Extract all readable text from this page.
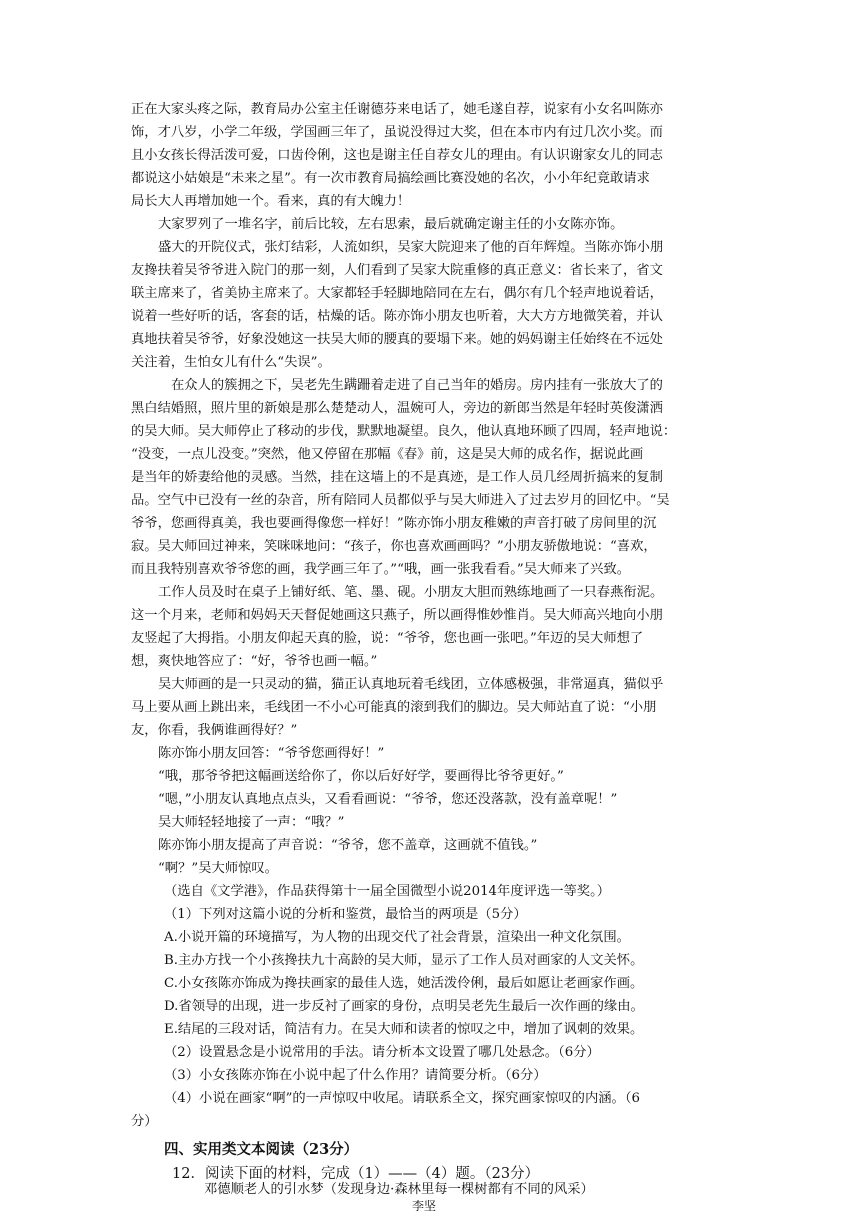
正在大家头疼之际，教育局办公室主任谢德芬来电话了，她毛遂自荐，说家有小女名叫陈亦
饰，才八岁，小学二年级，学国画三年了，虽说没得过大奖，但在本市内有过几次小奖。而
且小女孩长得活泼可爱，口齿伶俐，这也是谢主任自荐女儿的理由。有认识谢家女儿的同志
都说这小姑娘是“未来之星”。有一次市教育局搞绘画比赛没她的名次，小小年纪竟敢请求
局长大人再增加她一个。看来，真的有大魄力！
大家罗列了一堆名字，前后比较，左右思索，最后就确定谢主任的小女陈亦饰。
盛大的开院仪式，张灯结彩，人流如织，吴家大院迎来了他的百年辉煌。当陈亦饰小朋
友搀扶着吴爷爷进入院门的那一刻，人们看到了吴家大院重修的真正意义：省长来了，省文
联主席来了，省美协主席来了。大家都轻手轻脚地陪同在左右，偶尔有几个轻声地说着话，
说着一些好听的话，客套的话，枯燥的话。陈亦饰小朋友也听着，大大方方地微笑着，并认
真地扶着吴爷爷，好象没她这一扶吴大师的腰真的要塌下来。她的妈妈谢主任始终在不远处
关注着，生怕女儿有什么“失误”。
在众人的簇拥之下，吴老先生蹒跚着走进了自己当年的婚房。房内挂有一张放大了的
黑白结婚照，照片里的新娘是那么楚楚动人，温婉可人，旁边的新郎当然是年轻时英俊潇洒
的吴大师。吴大师停止了移动的步伐，默默地凝望。良久，他认真地环顾了四周，轻声地说：
“没变，一点儿没变。”突然，他又停留在那幅《春》前，这是吴大师的成名作，据说此画
是当年的娇妻给他的灵感。当然，挂在这墙上的不是真迹，是工作人员几经周折搞来的复制
品。空气中已没有一丝的杂音，所有陪同人员都似乎与吴大师进入了过去岁月的回忆中。“吴
爷爷，您画得真美，我也要画得像您一样好！”陈亦饰小朋友稚嫩的声音打破了房间里的沉
寂。吴大师回过神来，笑咪咪地问：“孩子，你也喜欢画画吗？”小朋友骄傲地说：“喜欢，
而且我特别喜欢爷爷您的画，我学画三年了。”“哦，画一张我看看。”吴大师来了兴致。
工作人员及时在桌子上铺好纸、笔、墨、砚。小朋友大胆而熟练地画了一只春燕衔泥。
这一个月来，老师和妈妈天天督促她画这只燕子，所以画得惟妙惟肖。吴大师高兴地向小朋
友竖起了大拇指。小朋友仰起天真的脸，说：“爷爷，您也画一张吧。”年迈的吴大师想了
想，爽快地答应了：“好，爷爷也画一幅。”
吴大师画的是一只灵动的猫，猫正认真地玩着毛线团，立体感极强，非常逼真，猫似乎
马上要从画上跳出来，毛线团一不小心可能真的滚到我们的脚边。吴大师站直了说：“小朋
友，你看，我俩谁画得好？”
陈亦饰小朋友回答：“爷爷您画得好！”
“哦，那爷爷把这幅画送给你了，你以后好好学，要画得比爷爷更好。”
“嗯，”小朋友认真地点点头，又看看画说：“爷爷，您还没落款，没有盖章呢！”
吴大师轻轻地接了一声：“哦？”
陈亦饰小朋友提高了声音说：“爷爷，您不盖章，这画就不值钱。”
“啊？”吴大师惊叹。
（选自《文学港》，作品获得第十一届全国微型小说2014年度评选一等奖。）
（1）下列对这篇小说的分析和鉴赏，最恰当的两项是（5分）
A.小说开篇的环境描写，为人物的出现交代了社会背景，渲染出一种文化氛围。
B.主办方找一个小孩搀扶九十高龄的吴大师，显示了工作人员对画家的人文关怀。
C.小女孩陈亦饰成为搀扶画家的最佳人选，她活泼伶俐，最后如愿让老画家作画。
D.省领导的出现，进一步反衬了画家的身份，点明吴老先生最后一次作画的缘由。
E.结尾的三段对话，简洁有力。在吴大师和读者的惊叹之中，增加了讽刺的效果。
（2）设置悬念是小说常用的手法。请分析本文设置了哪几处悬念。（6分）
（3）小女孩陈亦饰在小说中起了什么作用？请简要分析。（6分）
（4）小说在画家“啊”的一声惊叹中收尾。请联系全文，探究画家惊叹的内涵。（6
分）
四、实用类文本阅读（23分）
12．阅读下面的材料，完成（1）——（4）题。（23分）
邓德顺老人的引水梦（发现身边·森林里每一棵树都有不同的风采）
李坚
